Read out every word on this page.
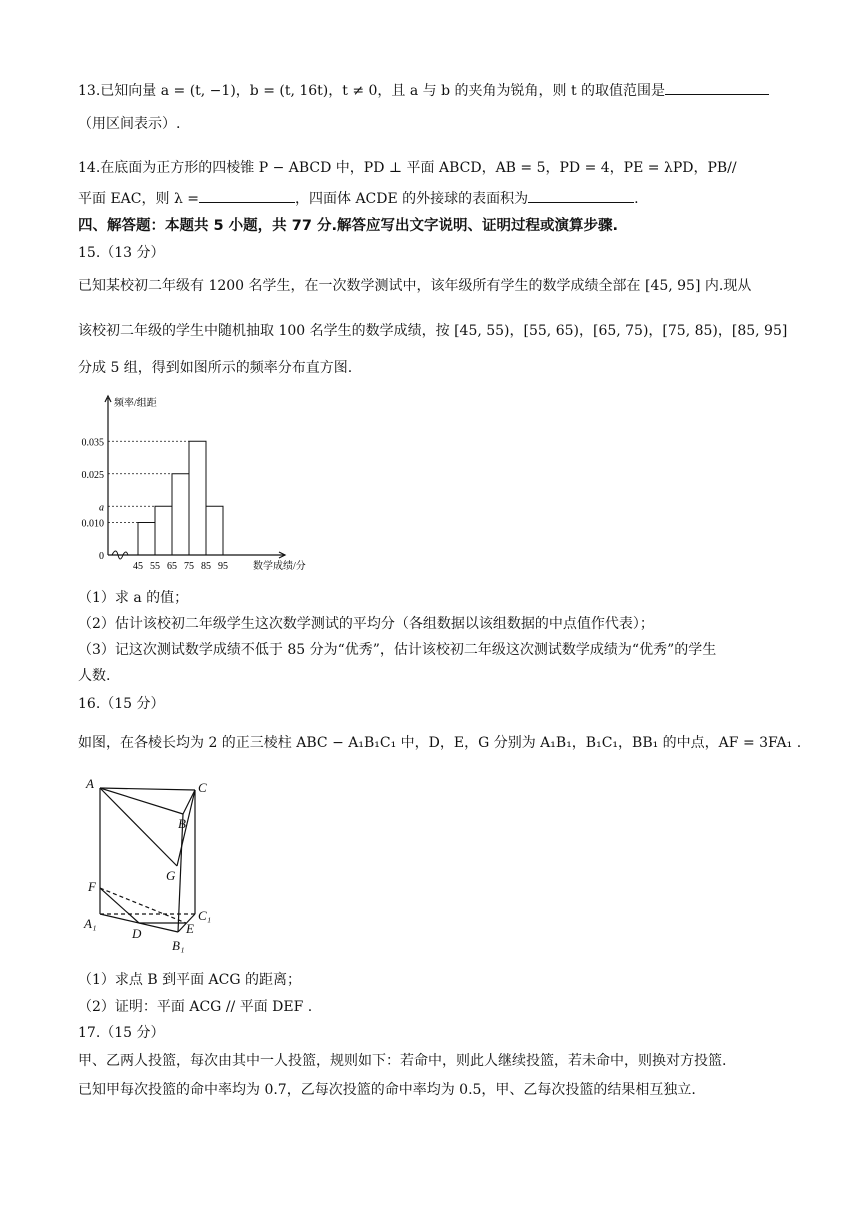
13.已知向量 a = (t, −1)，b = (t, 16t)，t ≠ 0，且 a 与 b 的夹角为锐角，则 t 的取值范围是
（用区间表示）.
14.在底面为正方形的四棱锥 P − ABCD 中，PD ⊥ 平面 ABCD，AB = 5，PD = 4，PE = λPD，PB//
平面 EAC，则 λ =	，四面体 ACDE 的外接球的表面积为	.
四、解答题：本题共 5 小题，共 77 分.解答应写出文字说明、证明过程或演算步骤.
15.（13 分）
已知某校初二年级有 1200 名学生，在一次数学测试中，该年级所有学生的数学成绩全部在 [45, 95] 内.现从
该校初二年级的学生中随机抽取 100 名学生的数学成绩，按 [45, 55)，[55, 65)，[65, 75)，[75, 85)，[85, 95]
分成 5 组，得到如图所示的频率分布直方图.
0.035
0.025
a
0.010
0
45 55 65 75 85 95
频率/组距
数学成绩/分
（1）求 a 的值；
（2）估计该校初二年级学生这次数学测试的平均分（各组数据以该组数据的中点值作代表）；
（3）记这次测试数学成绩不低于 85 分为“优秀”，估计该校初二年级这次测试数学成绩为“优秀”的学生
人数.
16.（15 分）
如图，在各棱长均为 2 的正三棱柱 ABC − A₁B₁C₁ 中，D，E，G 分别为 A₁B₁，B₁C₁，BB₁ 的中点，AF = 3FA₁ .
A	C
B
G
F
C₁
A₁
D	E
B₁
（1）求点 B 到平面 ACG 的距离；
（2）证明：平面 ACG // 平面 DEF .
17.（15 分）
甲、乙两人投篮，每次由其中一人投篮，规则如下：若命中，则此人继续投篮，若未命中，则换对方投篮.
已知甲每次投篮的命中率均为 0.7，乙每次投篮的命中率均为 0.5，甲、乙每次投篮的结果相互独立.
